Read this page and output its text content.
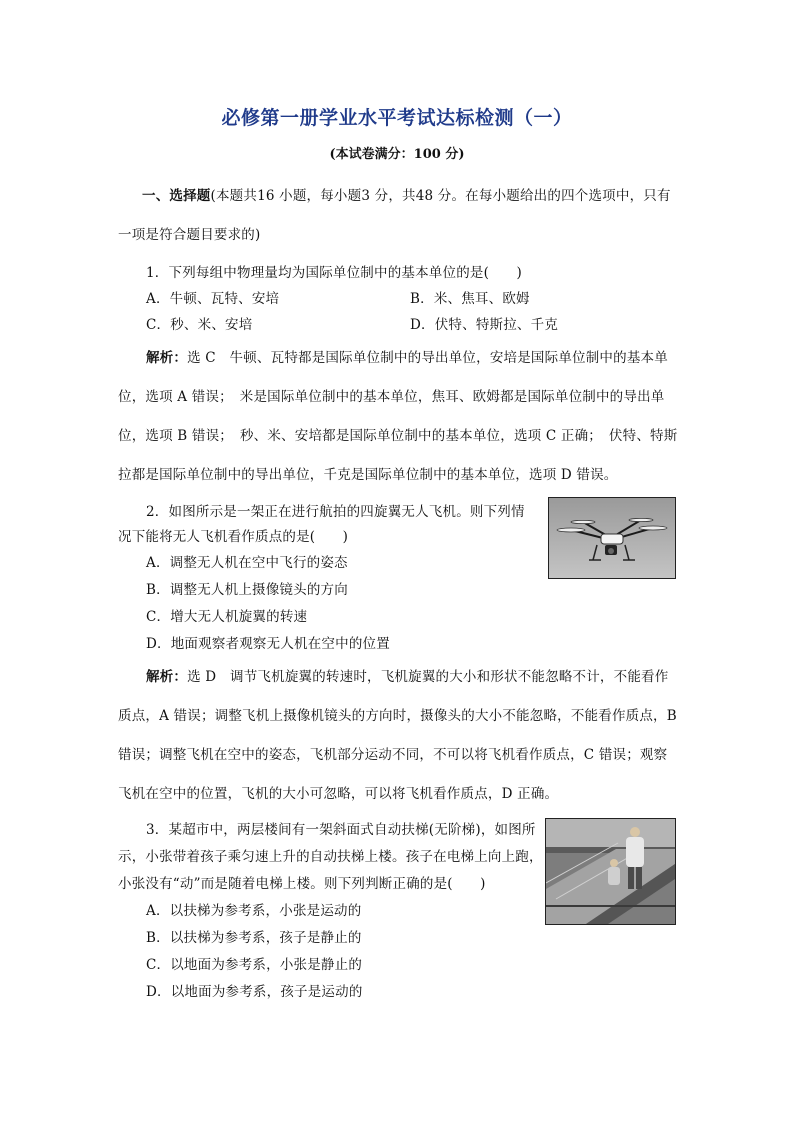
必修第一册学业水平考试达标检测（一）
(本试卷满分：100 分)
一、选择题(本题共16 小题，每小题3 分，共48 分。在每小题给出的四个选项中，只有
一项是符合题目要求的)
1．下列每组中物理量均为国际单位制中的基本单位的是(　　)
A．牛顿、瓦特、安培	B．米、焦耳、欧姆
C．秒、米、安培	D．伏特、特斯拉、千克
解析：选 C　牛顿、瓦特都是国际单位制中的导出单位，安培是国际单位制中的基本单
位，选项 A 错误；　米是国际单位制中的基本单位，焦耳、欧姆都是国际单位制中的导出单
位，选项 B 错误；　秒、米、安培都是国际单位制中的基本单位，选项 C 正确；　伏特、特斯
拉都是国际单位制中的导出单位，千克是国际单位制中的基本单位，选项 D 错误。
2．如图所示是一架正在进行航拍的四旋翼无人飞机。则下列情
况下能将无人飞机看作质点的是(　　)
A．调整无人机在空中飞行的姿态
B．调整无人机上摄像镜头的方向
C．增大无人机旋翼的转速
D．地面观察者观察无人机在空中的位置
解析：选 D　调节飞机旋翼的转速时，飞机旋翼的大小和形状不能忽略不计，不能看作
质点，A 错误；调整飞机上摄像机镜头的方向时，摄像头的大小不能忽略，不能看作质点，B
错误；调整飞机在空中的姿态，飞机部分运动不同，不可以将飞机看作质点，C 错误；观察
飞机在空中的位置，飞机的大小可忽略，可以将飞机看作质点，D 正确。
3．某超市中，两层楼间有一架斜面式自动扶梯(无阶梯)，如图所
示，小张带着孩子乘匀速上升的自动扶梯上楼。孩子在电梯上向上跑，
小张没有“动”而是随着电梯上楼。则下列判断正确的是(　　)
A．以扶梯为参考系，小张是运动的
B．以扶梯为参考系，孩子是静止的
C．以地面为参考系，小张是静止的
D．以地面为参考系，孩子是运动的
